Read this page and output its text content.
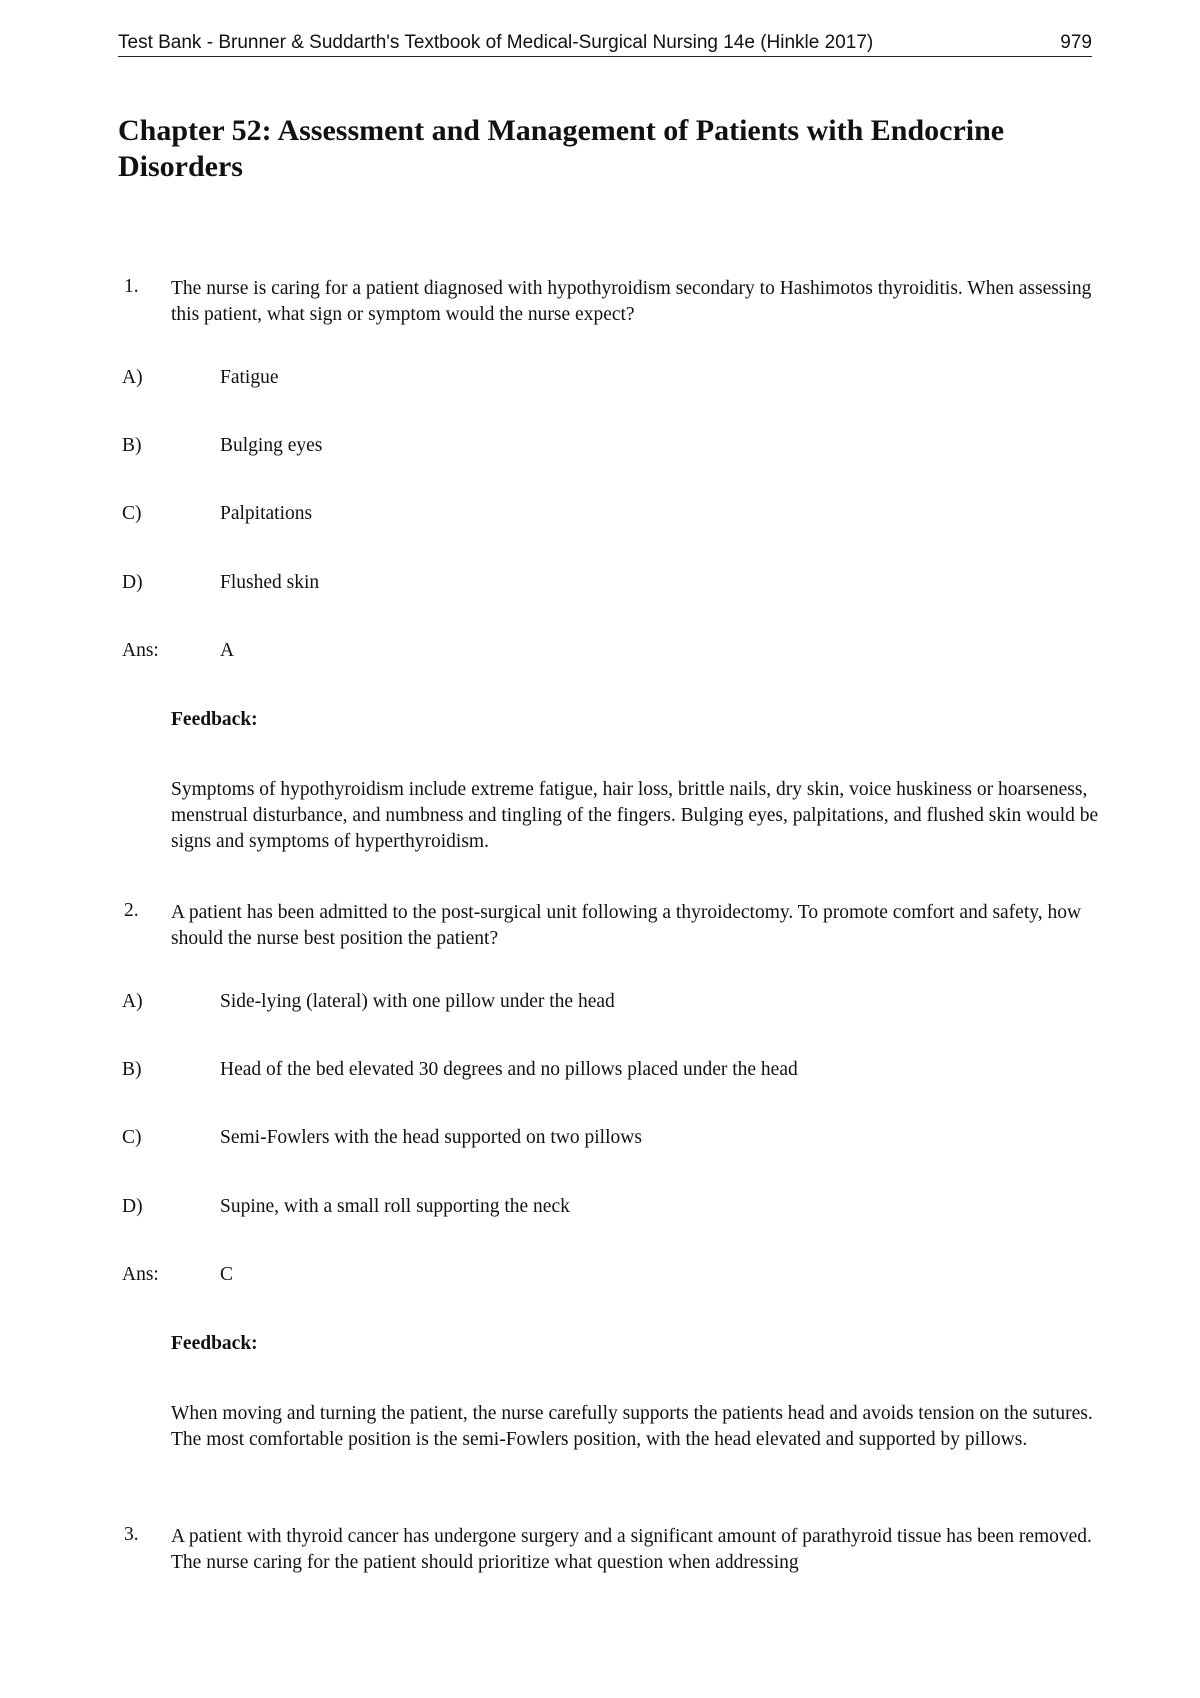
Test Bank - Brunner & Suddarth's Textbook of Medical-Surgical Nursing 14e (Hinkle 2017)	979
Chapter 52: Assessment and Management of Patients with Endocrine Disorders
1. The nurse is caring for a patient diagnosed with hypothyroidism secondary to Hashimotos thyroiditis. When assessing this patient, what sign or symptom would the nurse expect?

A)	Fatigue
B)	Bulging eyes
C)	Palpitations
D)	Flushed skin
Ans:	A
Feedback:

Symptoms of hypothyroidism include extreme fatigue, hair loss, brittle nails, dry skin, voice huskiness or hoarseness, menstrual disturbance, and numbness and tingling of the fingers. Bulging eyes, palpitations, and flushed skin would be signs and symptoms of hyperthyroidism.

2. A patient has been admitted to the post-surgical unit following a thyroidectomy. To promote comfort and safety, how should the nurse best position the patient?

A)	Side-lying (lateral) with one pillow under the head
B)	Head of the bed elevated 30 degrees and no pillows placed under the head
C)	Semi-Fowlers with the head supported on two pillows
D)	Supine, with a small roll supporting the neck
Ans:	C
Feedback:

When moving and turning the patient, the nurse carefully supports the patients head and avoids tension on the sutures. The most comfortable position is the semi-Fowlers position, with the head elevated and supported by pillows.

3. A patient with thyroid cancer has undergone surgery and a significant amount of parathyroid tissue has been removed. The nurse caring for the patient should prioritize what question when addressing
